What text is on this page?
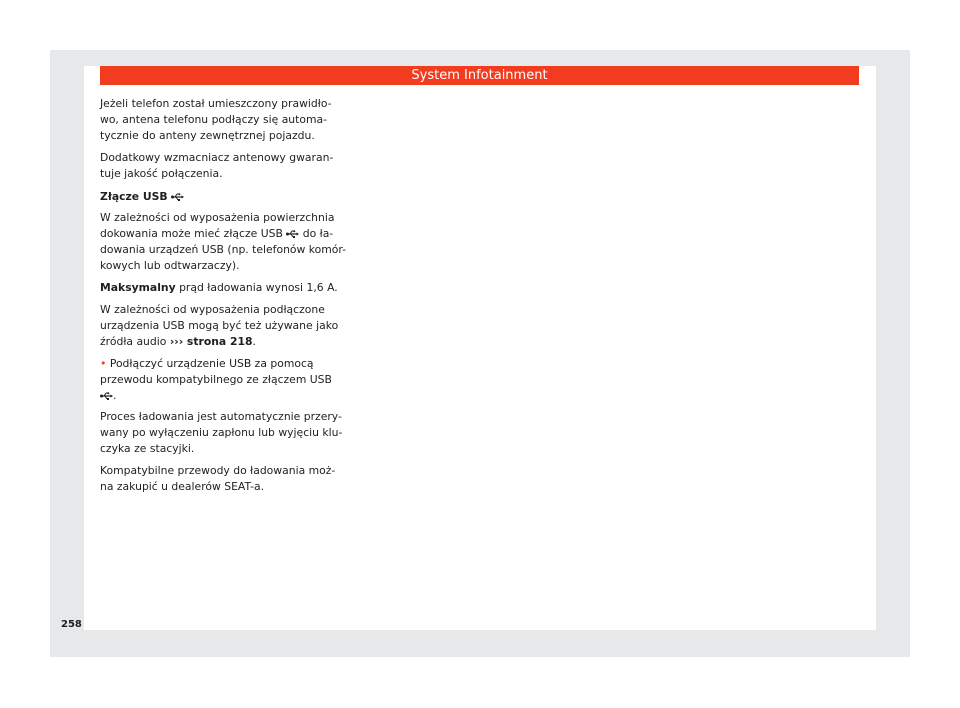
System Infotainment

Jeżeli telefon został umieszczony prawidło-
wo, antena telefonu podłączy się automa-
tycznie do anteny zewnętrznej pojazdu.

Dodatkowy wzmacniacz antenowy gwaran-
tuje jakość połączenia.

Złącze USB

W zależności od wyposażenia powierzchnia
dokowania może mieć złącze USB do ła-
dowania urządzeń USB (np. telefonów komór-
kowych lub odtwarzaczy).

Maksymalny prąd ładowania wynosi 1,6 A.

W zależności od wyposażenia podłączone
urządzenia USB mogą być też używane jako
źródła audio ››› strona 218.

• Podłączyć urządzenie USB za pomocą
przewodu kompatybilnego ze złączem USB

.

Proces ładowania jest automatycznie przery-
wany po wyłączeniu zapłonu lub wyjęciu klu-
czyka ze stacyjki.

Kompatybilne przewody do ładowania moż-
na zakupić u dealerów SEAT-a.

258
